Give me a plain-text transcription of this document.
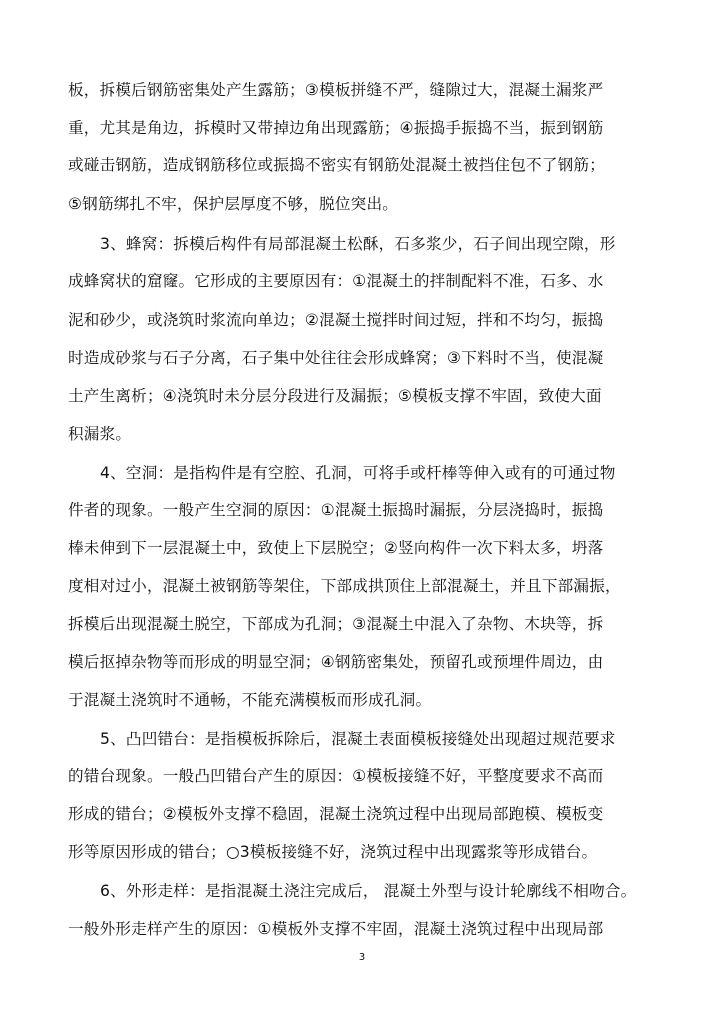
板，拆模后钢筋密集处产生露筋；③模板拼缝不严，缝隙过大，混凝土漏浆严
重，尤其是角边，拆模时又带掉边角出现露筋；④振捣手振捣不当，振到钢筋
或碰击钢筋，造成钢筋移位或振捣不密实有钢筋处混凝土被挡住包不了钢筋；
⑤钢筋绑扎不牢，保护层厚度不够，脱位突出。
3、蜂窝：拆模后构件有局部混凝土松酥，石多浆少，石子间出现空隙，形
成蜂窝状的窟窿。它形成的主要原因有：①混凝土的拌制配料不准，石多、水
泥和砂少，或浇筑时浆流向单边；②混凝土搅拌时间过短，拌和不均匀，振捣
时造成砂浆与石子分离，石子集中处往往会形成蜂窝；③下料时不当，使混凝
土产生离析；④浇筑时未分层分段进行及漏振；⑤模板支撑不牢固，致使大面
积漏浆。
4、空洞：是指构件是有空腔、孔洞，可将手或杆棒等伸入或有的可通过物
件者的现象。一般产生空洞的原因：①混凝土振捣时漏振，分层浇捣时，振捣
棒未伸到下一层混凝土中，致使上下层脱空；②竖向构件一次下料太多，坍落
度相对过小，混凝土被钢筋等架住，下部成拱顶住上部混凝土，并且下部漏振，
拆模后出现混凝土脱空，下部成为孔洞；③混凝土中混入了杂物、木块等，拆
模后抠掉杂物等而形成的明显空洞；④钢筋密集处，预留孔或预埋件周边，由
于混凝土浇筑时不通畅，不能充满模板而形成孔洞。
5、凸凹错台：是指模板拆除后，混凝土表面模板接缝处出现超过规范要求
的错台现象。一般凸凹错台产生的原因：①模板接缝不好，平整度要求不高而
形成的错台；②模板外支撑不稳固，混凝土浇筑过程中出现局部跑模、模板变
形等原因形成的错台；○3模板接缝不好，浇筑过程中出现露浆等形成错台。
6、外形走样：是指混凝土浇注完成后， 混凝土外型与设计轮廓线不相吻合。
一般外形走样产生的原因：①模板外支撑不牢固，混凝土浇筑过程中出现局部
3
